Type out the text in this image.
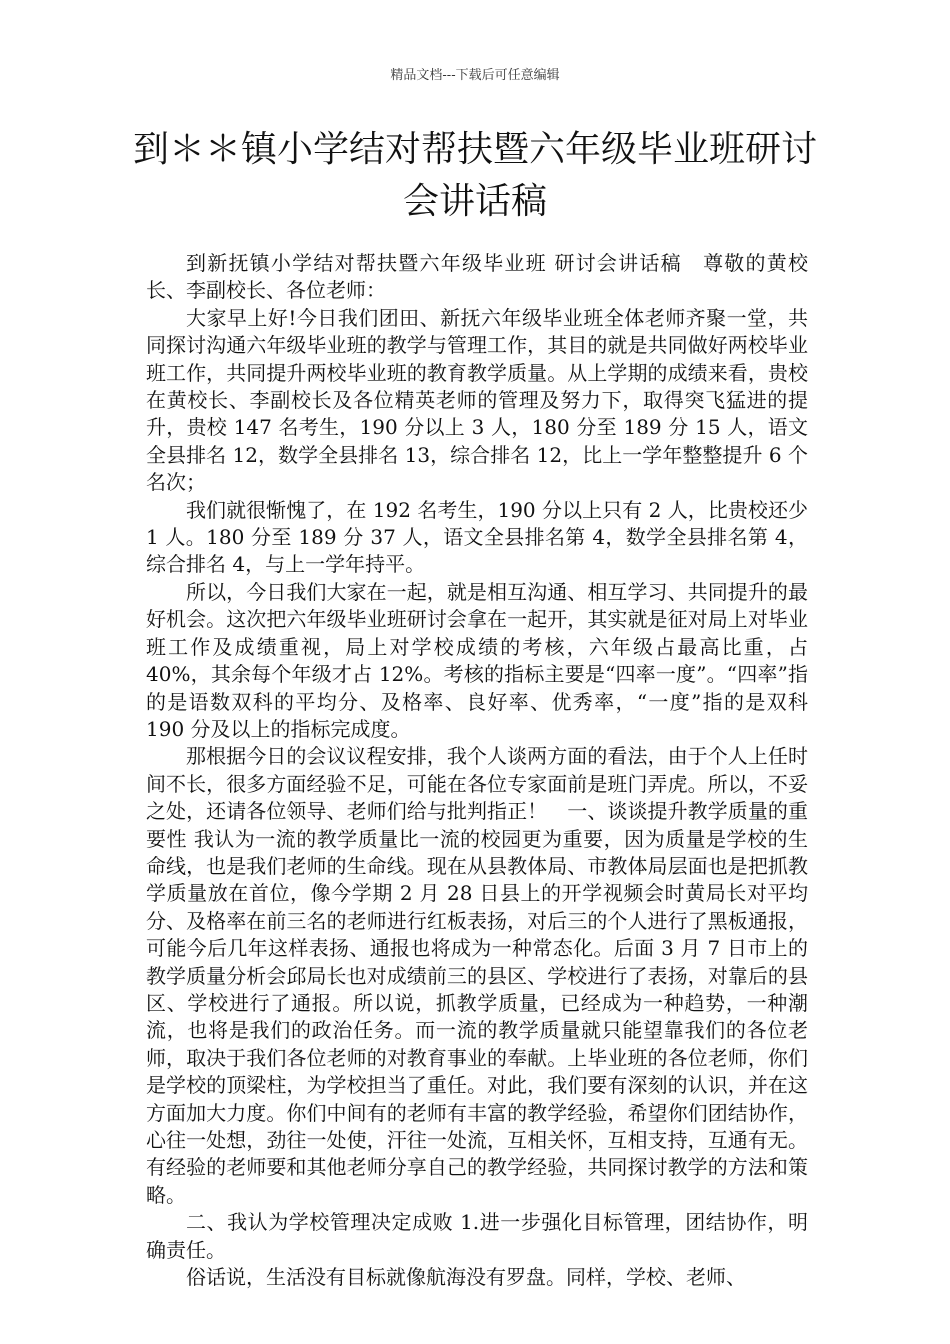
精品文档---下载后可任意编辑
到＊＊镇小学结对帮扶暨六年级毕业班研讨会讲话稿

到新抚镇小学结对帮扶暨六年级毕业班 研讨会讲话稿　尊敬的黄校长、李副校长、各位老师：

大家早上好!今日我们团田、新抚六年级毕业班全体老师齐聚一堂，共同探讨沟通六年级毕业班的教学与管理工作，其目的就是共同做好两校毕业班工作，共同提升两校毕业班的教育教学质量。从上学期的成绩来看，贵校在黄校长、李副校长及各位精英老师的管理及努力下，取得突飞猛进的提升，贵校 147 名考生，190 分以上 3 人，180 分至 189 分 15 人，语文全县排名 12，数学全县排名 13，综合排名 12，比上一学年整整提升 6 个名次；

我们就很惭愧了，在 192 名考生，190 分以上只有 2 人，比贵校还少 1 人。180 分至 189 分 37 人，语文全县排名第 4，数学全县排名第 4，综合排名 4，与上一学年持平。

所以，今日我们大家在一起，就是相互沟通、相互学习、共同提升的最好机会。这次把六年级毕业班研讨会拿在一起开，其实就是征对局上对毕业班工作及成绩重视，局上对学校成绩的考核，六年级占最高比重，占 40%，其余每个年级才占 12%。考核的指标主要是“四率一度”。“四率”指的是语数双科的平均分、及格率、良好率、优秀率，“一度”指的是双科 190 分及以上的指标完成度。

那根据今日的会议议程安排，我个人谈两方面的看法，由于个人上任时间不长，很多方面经验不足，可能在各位专家面前是班门弄虎。所以，不妥之处，还请各位领导、老师们给与批判指正！　一、谈谈提升教学质量的重要性 我认为一流的教学质量比一流的校园更为重要，因为质量是学校的生命线，也是我们老师的生命线。现在从县教体局、市教体局层面也是把抓教学质量放在首位，像今学期 2 月 28 日县上的开学视频会时黄局长对平均分、及格率在前三名的老师进行红板表扬，对后三的个人进行了黑板通报，可能今后几年这样表扬、通报也将成为一种常态化。后面 3 月 7 日市上的教学质量分析会邱局长也对成绩前三的县区、学校进行了表扬，对靠后的县区、学校进行了通报。所以说，抓教学质量，已经成为一种趋势，一种潮流，也将是我们的政治任务。而一流的教学质量就只能望靠我们的各位老师，取决于我们各位老师的对教育事业的奉献。上毕业班的各位老师，你们是学校的顶梁柱，为学校担当了重任。对此，我们要有深刻的认识，并在这方面加大力度。你们中间有的老师有丰富的教学经验，希望你们团结协作，心往一处想，劲往一处使，汗往一处流，互相关怀，互相支持，互通有无。有经验的老师要和其他老师分享自己的教学经验，共同探讨教学的方法和策略。

二、我认为学校管理决定成败 1.进一步强化目标管理，团结协作，明确责任。

俗话说，生活没有目标就像航海没有罗盘。同样，学校、老师、
